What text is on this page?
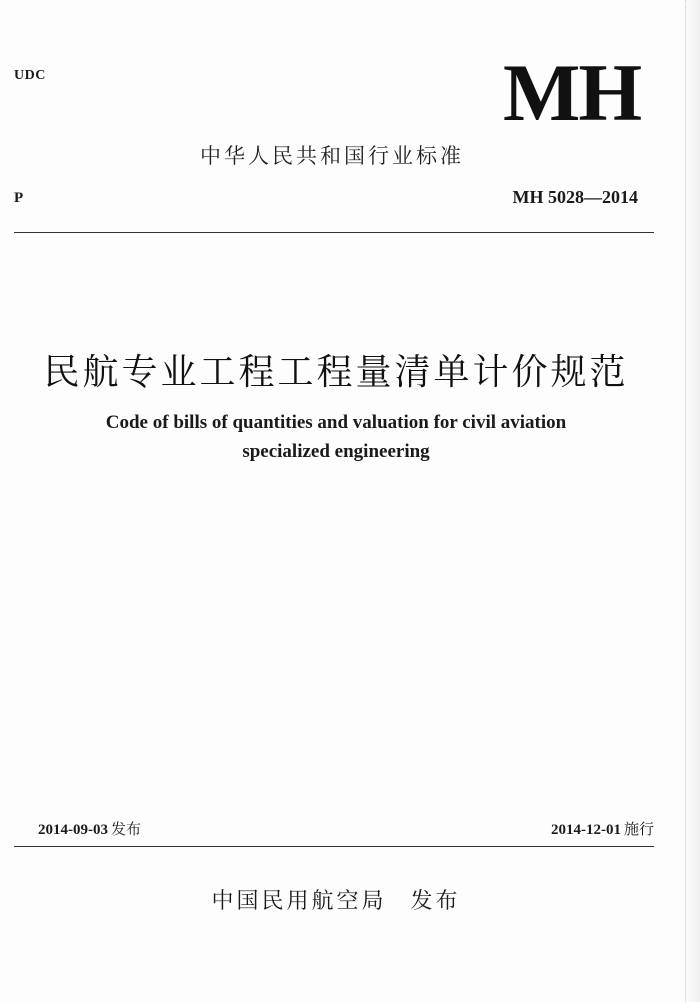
UDC	MH
中华人民共和国行业标准
P	MH 5028—2014
民航专业工程工程量清单计价规范
Code of bills of quantities and valuation for civil aviation
specialized engineering
2014-09-03 发布	2014-12-01 施行
中国民用航空局 发布
